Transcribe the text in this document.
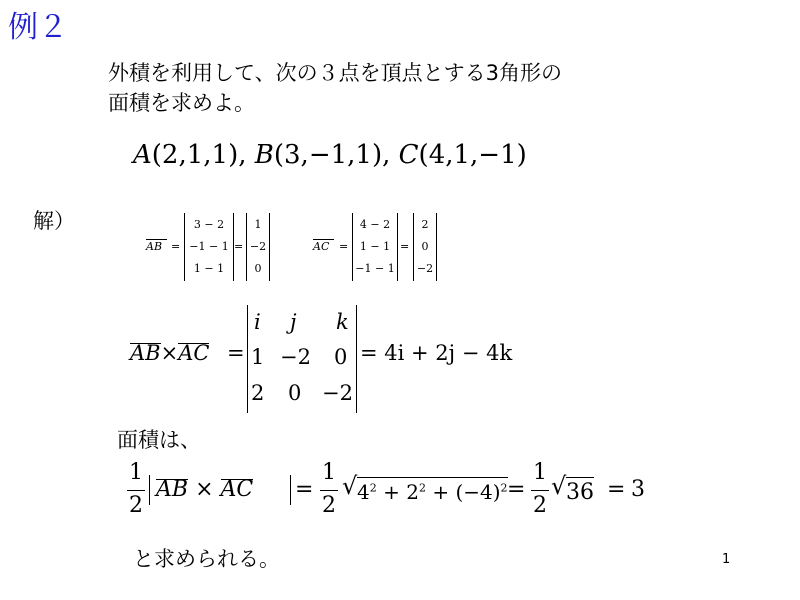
例２
外積を利用して、次の３点を頂点とする3角形の
面積を求めよ。
A(2,1,1), B(3,−1,1), C(4,1,−1)
解）
AB =
3 − 2
−1 − 1
1 − 1
=
1
−2
0
AC =
4 − 2
1 − 1
−1 − 1
=
2
0
−2
AB
×AC =
i j k
1 −2 0
2 0 −2
= 4i + 2j − 4k
面積は、
1
2
AB × AC =
1
2
√ $4^2 + 2^2 + (-4)^2$ =
1
2
√ 36 = 3
と求められる。	1
